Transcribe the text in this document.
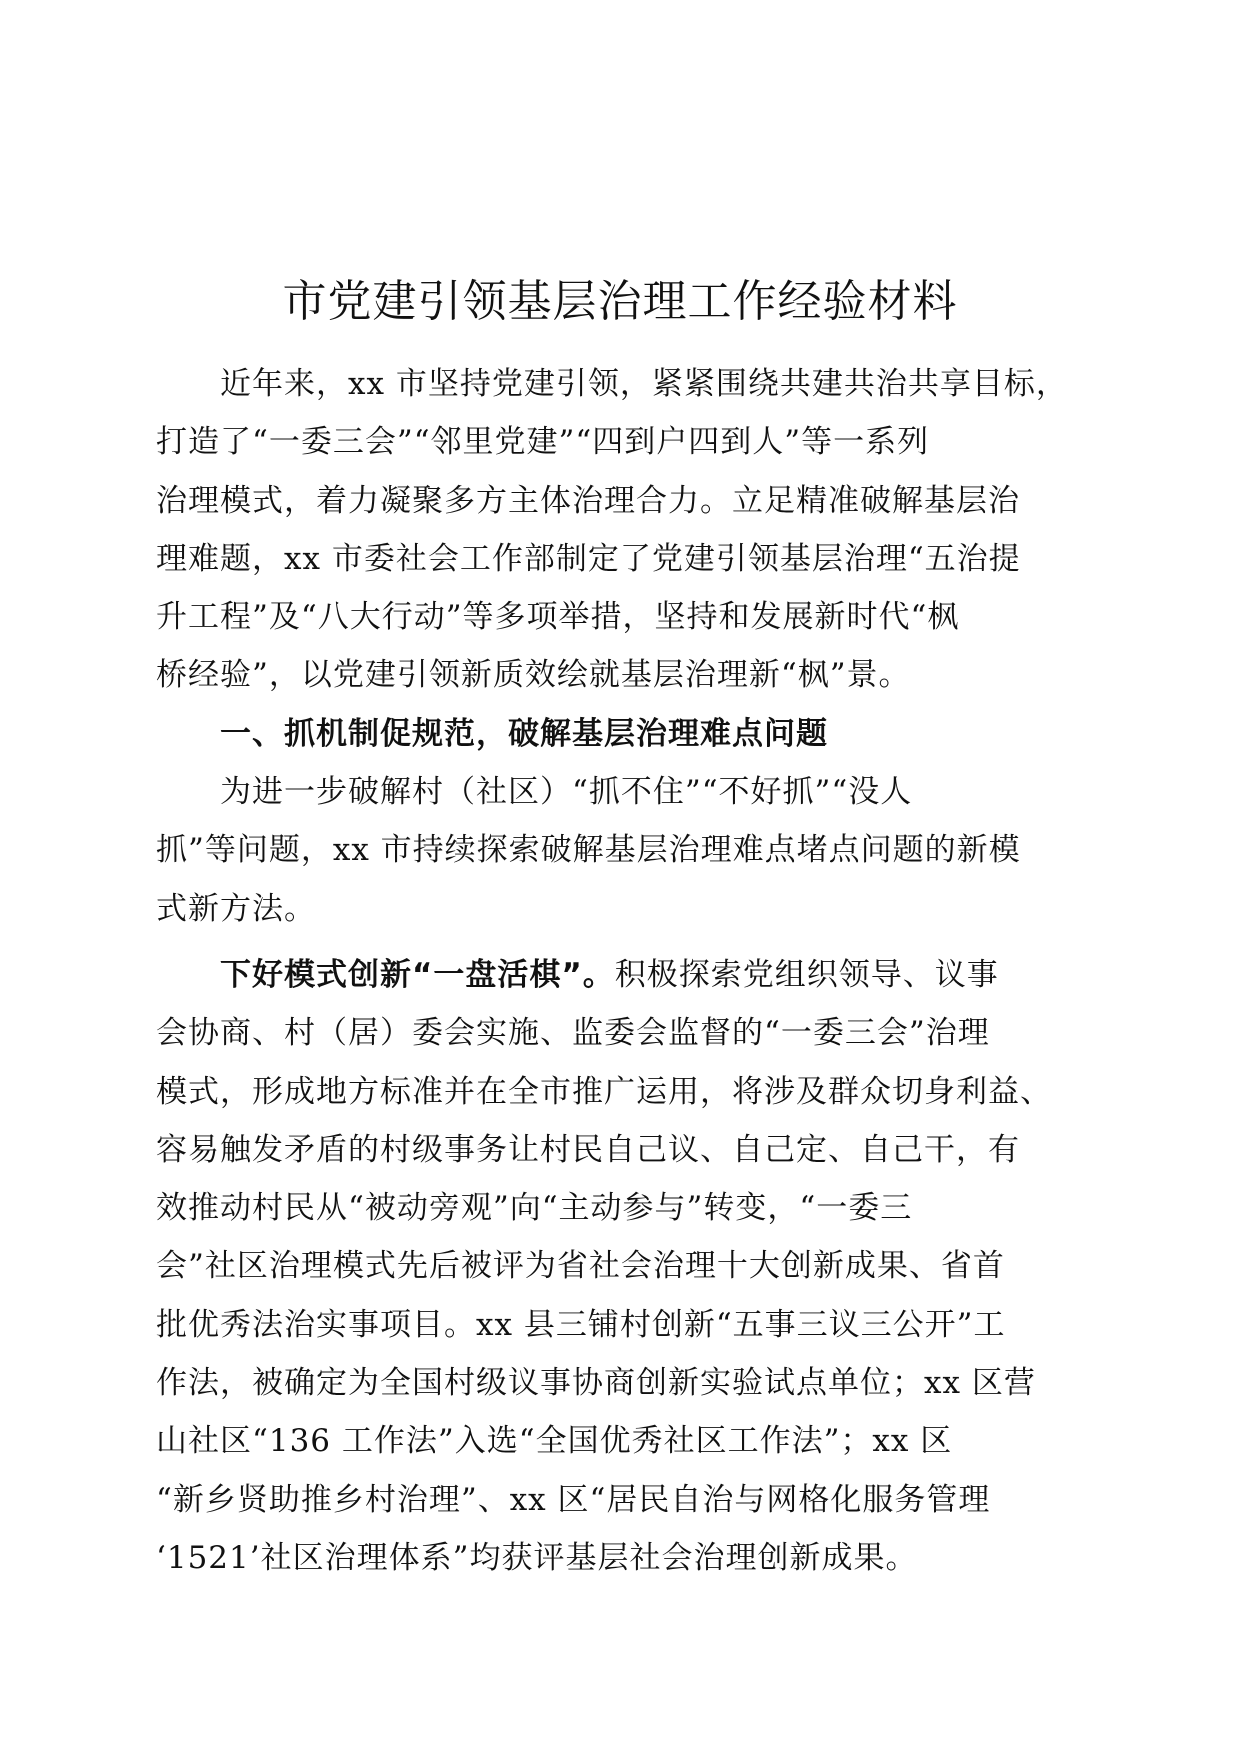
市党建引领基层治理工作经验材料
近年来，xx 市坚持党建引领，紧紧围绕共建共治共享目标，
打造了“一委三会”“邻里党建”“四到户四到人”等一系列
治理模式，着力凝聚多方主体治理合力。立足精准破解基层治
理难题，xx 市委社会工作部制定了党建引领基层治理“五治提
升工程”及“八大行动”等多项举措，坚持和发展新时代“枫
桥经验”，以党建引领新质效绘就基层治理新“枫”景。
一、抓机制促规范，破解基层治理难点问题
为进一步破解村（社区）“抓不住”“不好抓”“没人
抓”等问题，xx 市持续探索破解基层治理难点堵点问题的新模
式新方法。
下好模式创新“一盘活棋”。积极探索党组织领导、议事
会协商、村（居）委会实施、监委会监督的“一委三会”治理
模式，形成地方标准并在全市推广运用，将涉及群众切身利益、
容易触发矛盾的村级事务让村民自己议、自己定、自己干，有
效推动村民从“被动旁观”向“主动参与”转变，“一委三
会”社区治理模式先后被评为省社会治理十大创新成果、省首
批优秀法治实事项目。xx 县三铺村创新“五事三议三公开”工
作法，被确定为全国村级议事协商创新实验试点单位；xx 区营
山社区“136 工作法”入选“全国优秀社区工作法”；xx 区
“新乡贤助推乡村治理”、xx 区“居民自治与网格化服务管理
‘1521’社区治理体系”均获评基层社会治理创新成果。
